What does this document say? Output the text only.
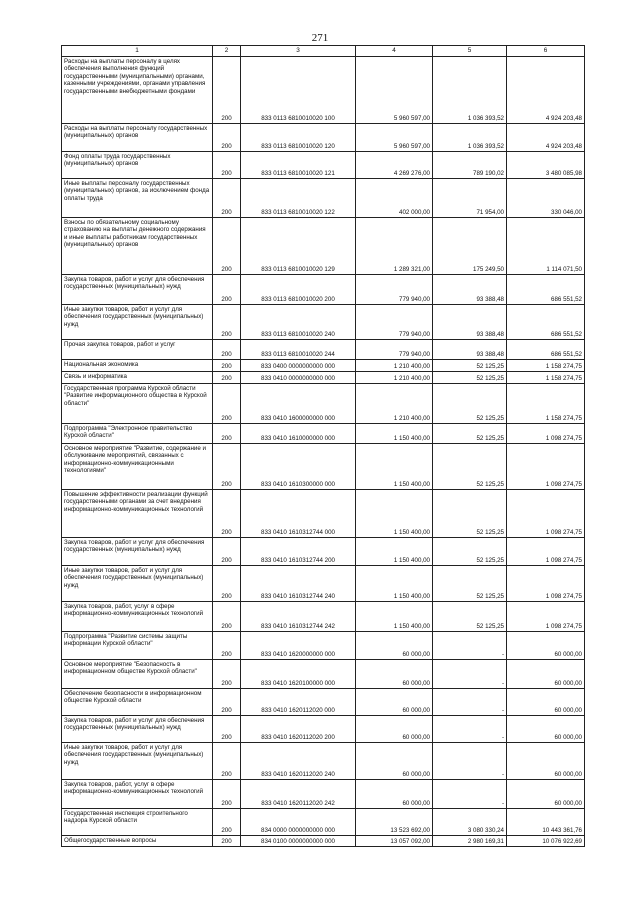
271
1	2	3	4	5	6
Расходы на выплаты персоналу в целях обеспечения выполнения функций государственными (муниципальными) органами, казенными учреждениями, органами управления государственными внебюджетными фондами	200	833 0113 6810010020 100	5 960 597,00	1 036 393,52	4 924 203,48
Расходы на выплаты персоналу государственных (муниципальных) органов	200	833 0113 6810010020 120	5 960 597,00	1 036 393,52	4 924 203,48
Фонд оплаты труда государственных (муниципальных) органов	200	833 0113 6810010020 121	4 269 276,00	789 190,02	3 480 085,98
Иные выплаты персоналу государственных (муниципальных) органов, за исключением фонда оплаты труда	200	833 0113 6810010020 122	402 000,00	71 954,00	330 046,00
Взносы по обязательному социальному страхованию на выплаты денежного содержания и иные выплаты работникам государственных (муниципальных) органов	200	833 0113 6810010020 129	1 289 321,00	175 249,50	1 114 071,50
Закупка товаров, работ и услуг для обеспечения государственных (муниципальных) нужд	200	833 0113 6810010020 200	779 940,00	93 388,48	686 551,52
Иные закупки товаров, работ и услуг для обеспечения государственных (муниципальных) нужд	200	833 0113 6810010020 240	779 940,00	93 388,48	686 551,52
Прочая закупка товаров, работ и услуг	200	833 0113 6810010020 244	779 940,00	93 388,48	686 551,52
Национальная экономика	200	833 0400 0000000000 000	1 210 400,00	52 125,25	1 158 274,75
Связь и информатика	200	833 0410 0000000000 000	1 210 400,00	52 125,25	1 158 274,75
Государственная программа Курской области "Развитие информационного общества в Курской области"	200	833 0410 1600000000 000	1 210 400,00	52 125,25	1 158 274,75
Подпрограмма "Электронное правительство Курской области"	200	833 0410 1610000000 000	1 150 400,00	52 125,25	1 098 274,75
Основное мероприятие "Развитие, содержание и обслуживание мероприятий, связанных с информационно-коммуникационными технологиями"	200	833 0410 1610300000 000	1 150 400,00	52 125,25	1 098 274,75
Повышение эффективности реализации функций государственными органами за счет внедрения информационно-коммуникационных технологий	200	833 0410 1610312744 000	1 150 400,00	52 125,25	1 098 274,75
Закупка товаров, работ и услуг для обеспечения государственных (муниципальных) нужд	200	833 0410 1610312744 200	1 150 400,00	52 125,25	1 098 274,75
Иные закупки товаров, работ и услуг для обеспечения государственных (муниципальных) нужд	200	833 0410 1610312744 240	1 150 400,00	52 125,25	1 098 274,75
Закупка товаров, работ, услуг в сфере информационно-коммуникационных технологий	200	833 0410 1610312744 242	1 150 400,00	52 125,25	1 098 274,75
Подпрограмма "Развитие системы защиты информации Курской области"	200	833 0410 1620000000 000	60 000,00	-	60 000,00
Основное мероприятие "Безопасность в информационном обществе Курской области"	200	833 0410 1620100000 000	60 000,00	-	60 000,00
Обеспечение безопасности в информационном обществе Курской области	200	833 0410 1620112020 000	60 000,00	-	60 000,00
Закупка товаров, работ и услуг для обеспечения государственных (муниципальных) нужд	200	833 0410 1620112020 200	60 000,00	-	60 000,00
Иные закупки товаров, работ и услуг для обеспечения государственных (муниципальных) нужд	200	833 0410 1620112020 240	60 000,00	-	60 000,00
Закупка товаров, работ, услуг в сфере информационно-коммуникационных технологий	200	833 0410 1620112020 242	60 000,00	-	60 000,00
Государственная инспекция строительного надзора Курской области	200	834 0000 0000000000 000	13 523 692,00	3 080 330,24	10 443 361,76
Общегосударственные вопросы	200	834 0100 0000000000 000	13 057 092,00	2 980 169,31	10 076 922,69
